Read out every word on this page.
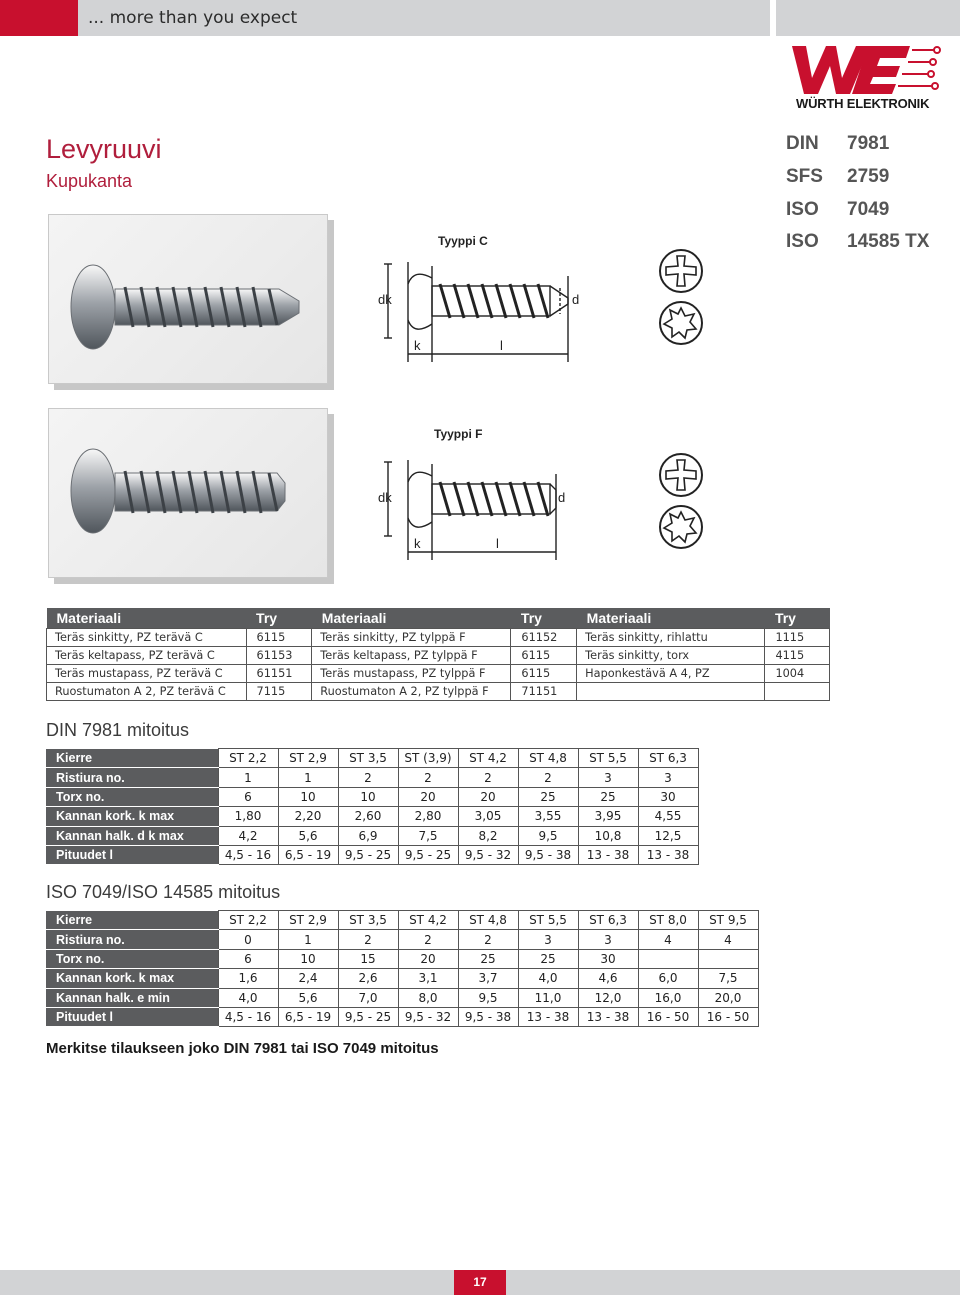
... more than you expect
WÜRTH ELEKTRONIK
Levyruuvi
Kupukanta
DIN 7981
SFS 2759
ISO 7049
ISO 14585 TX
Tyyppi C
dk	d
k	l
Tyyppi F
dk	d
k	l
Materiaali	Try	Materiaali	Try	Materiaali	Try
Teräs sinkitty, PZ terävä C	6115	Teräs sinkitty, PZ tylppä F	61152	Teräs sinkitty, rihlattu	1115
Teräs keltapass, PZ terävä C	61153	Teräs keltapass, PZ tylppä F	6115	Teräs sinkitty, torx	4115
Teräs mustapass, PZ terävä C	61151	Teräs mustapass, PZ tylppä F	6115	Haponkestävä A 4, PZ	1004
Ruostumaton A 2, PZ terävä C	7115	Ruostumaton A 2, PZ tylppä F	71151		
DIN 7981 mitoitus
Kierre	ST 2,2	ST 2,9	ST 3,5	ST (3,9)	ST 4,2	ST 4,8	ST 5,5	ST 6,3
Ristiura no.	1	1	2	2	2	2	3	3
Torx no.	6	10	10	20	20	25	25	30
Kannan kork. k max	1,80	2,20	2,60	2,80	3,05	3,55	3,95	4,55
Kannan halk. d k max	4,2	5,6	6,9	7,5	8,2	9,5	10,8	12,5
Pituudet l	4,5 - 16	6,5 - 19	9,5 - 25	9,5 - 25	9,5 - 32	9,5 - 38	13 - 38	13 - 38
ISO 7049/ISO 14585 mitoitus
Kierre	ST 2,2	ST 2,9	ST 3,5	ST 4,2	ST 4,8	ST 5,5	ST 6,3	ST 8,0	ST 9,5
Ristiura no.	0	1	2	2	2	3	3	4	4
Torx no.	6	10	15	20	25	25	30		
Kannan kork. k max	1,6	2,4	2,6	3,1	3,7	4,0	4,6	6,0	7,5
Kannan halk. e min	4,0	5,6	7,0	8,0	9,5	11,0	12,0	16,0	20,0
Pituudet l	4,5 - 16	6,5 - 19	9,5 - 25	9,5 - 32	9,5 - 38	13 - 38	13 - 38	16 - 50	16 - 50
Merkitse tilaukseen joko DIN 7981 tai ISO 7049 mitoitus
17
